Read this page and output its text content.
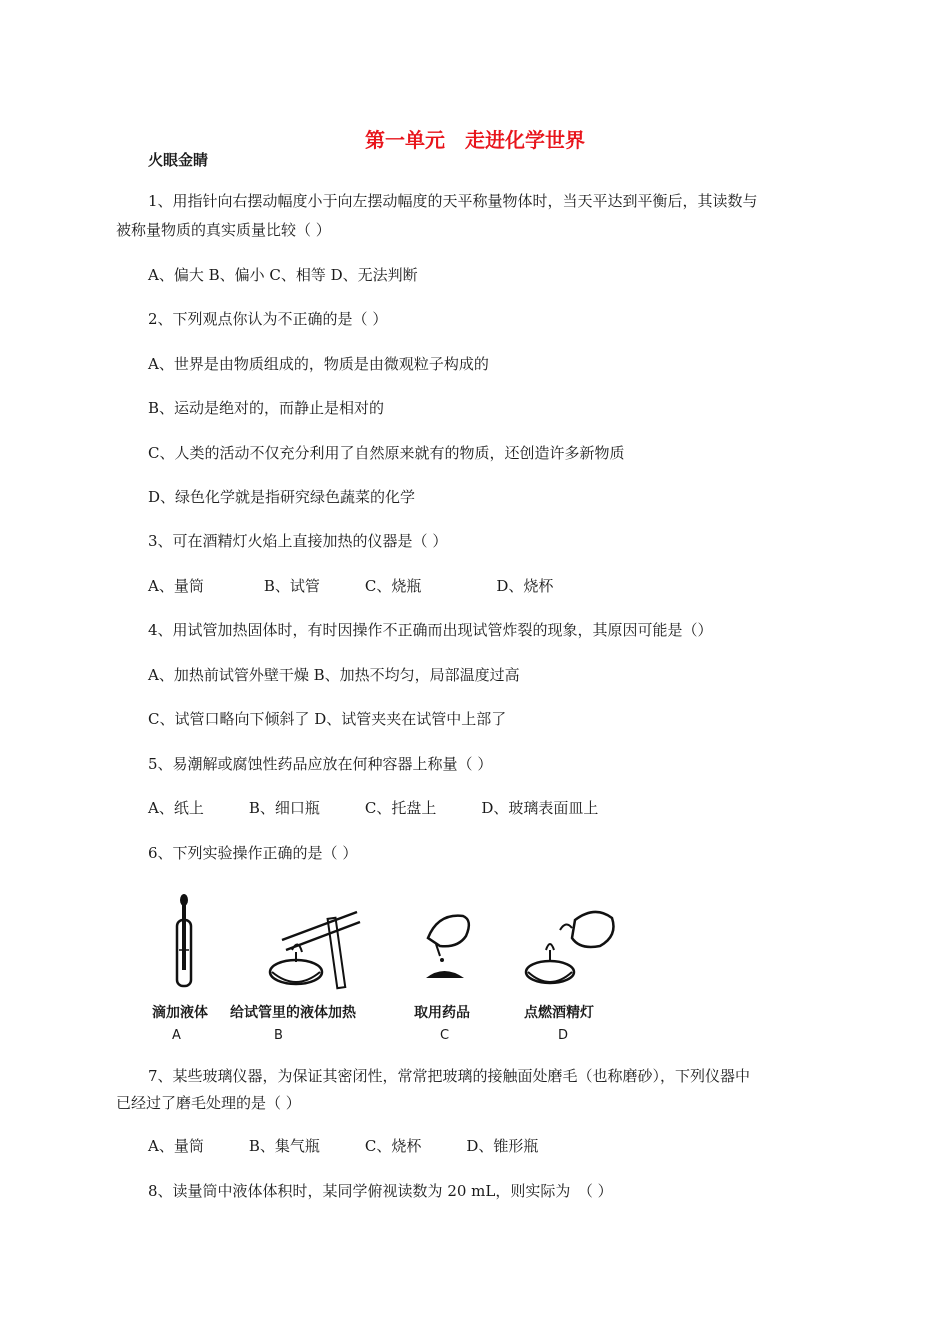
第一单元　走进化学世界
火眼金睛
1、用指针向右摆动幅度小于向左摆动幅度的天平称量物体时，当天平达到平衡后，其读数与
被称量物质的真实质量比较（ ）
A、偏大 B、偏小 C、相等 D、无法判断
2、下列观点你认为不正确的是（ ）
A、世界是由物质组成的，物质是由微观粒子构成的
B、运动是绝对的，而静止是相对的
C、人类的活动不仅充分利用了自然原来就有的物质，还创造许多新物质
D、绿色化学就是指研究绿色蔬菜的化学
3、可在酒精灯火焰上直接加热的仪器是（ ）
A、量筒　　　　B、试管　　　C、烧瓶　　　　　D、烧杯
4、用试管加热固体时，有时因操作不正确而出现试管炸裂的现象，其原因可能是（）
A、加热前试管外壁干燥 B、加热不均匀，局部温度过高
C、试管口略向下倾斜了 D、试管夹夹在试管中上部了
5、易潮解或腐蚀性药品应放在何种容器上称量（ ）
A、纸上　　　B、细口瓶　　　C、托盘上　　　D、玻璃表面皿上
6、下列实验操作正确的是（ ）
滴加液体
A
给试管里的液体加热
B
取用药品
C
点燃酒精灯
D
7、某些玻璃仪器，为保证其密闭性，常常把玻璃的接触面处磨毛（也称磨砂），下列仪器中
已经过了磨毛处理的是（ ）
A、量筒　　　B、集气瓶　　　C、烧杯　　　D、锥形瓶
8、读量筒中液体体积时，某同学俯视读数为 20 mL，则实际为　（ ）
